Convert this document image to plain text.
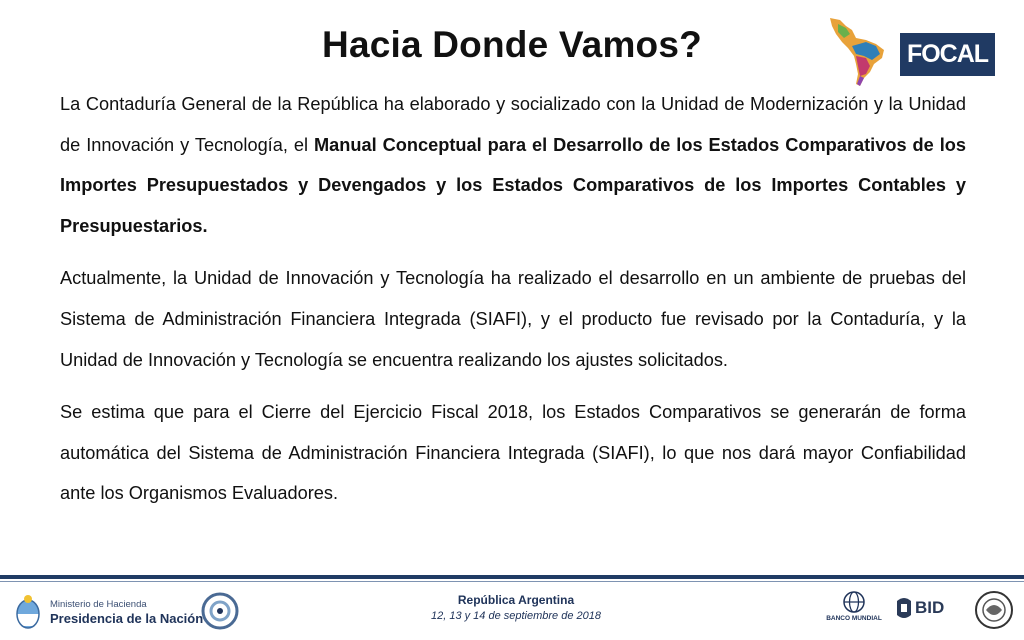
Hacia Donde Vamos?	FOCAL

La Contaduría General de la República ha elaborado y socializado con la Unidad de Modernización y la Unidad de Innovación y Tecnología, el Manual Conceptual para el Desarrollo de los Estados Comparativos de los Importes Presupuestados y Devengados y los Estados Comparativos de los Importes Contables y Presupuestarios.

Actualmente, la Unidad de Innovación y Tecnología ha realizado el desarrollo en un ambiente de pruebas del Sistema de Administración Financiera Integrada (SIAFI), y el producto fue revisado por la Contaduría, y la Unidad de Innovación y Tecnología se encuentra realizando los ajustes solicitados.

Se estima que para el Cierre del Ejercicio Fiscal 2018, los Estados Comparativos se generarán de forma automática del Sistema de Administración Financiera Integrada (SIAFI), lo que nos dará mayor Confiabilidad ante los Organismos Evaluadores.

Ministerio de Hacienda
Presidencia de la Nación
República Argentina
12, 13 y 14 de septiembre de 2018	BANCO MUNDIAL
BID
